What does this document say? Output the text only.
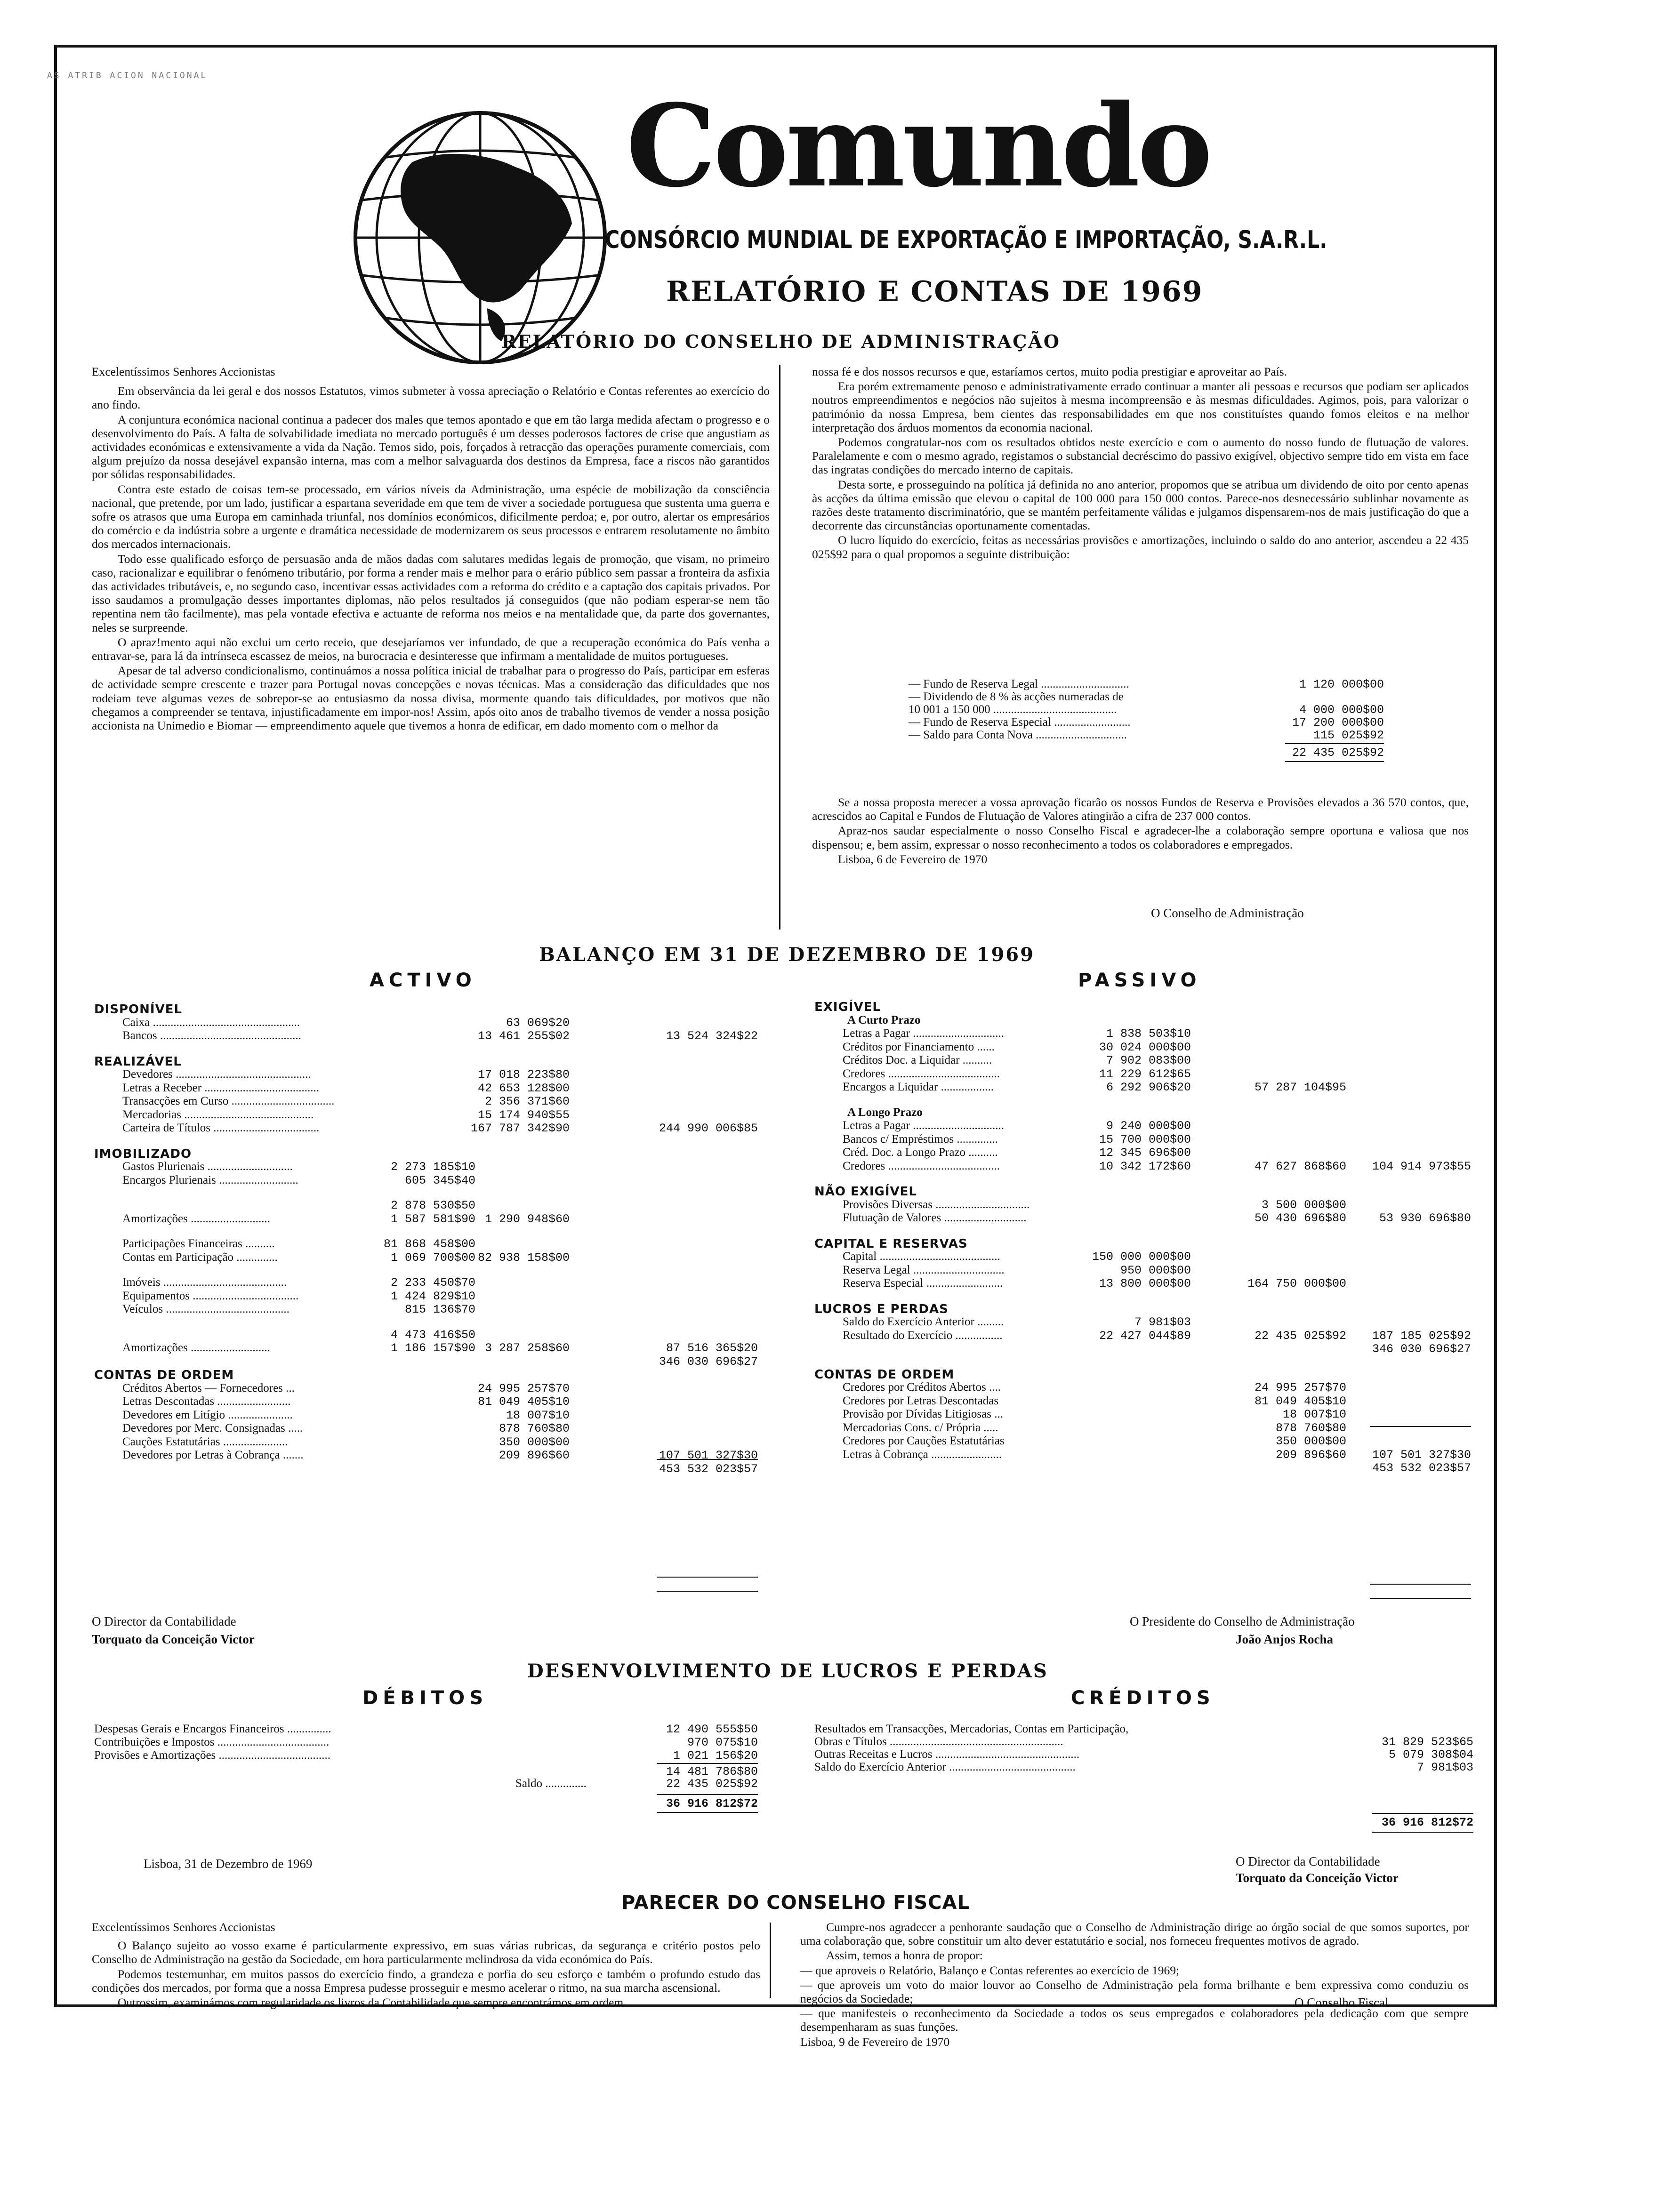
AS ATRIB ACION NACIONAL
Comundo
CONSÓRCIO MUNDIAL DE EXPORTAÇÃO E IMPORTAÇÃO, S.A.R.L.
RELATÓRIO E CONTAS DE 1969
RELATÓRIO DO CONSELHO DE ADMINISTRAÇÃO

Excelentíssimos Senhores Accionistas

Em observância da lei geral e dos nossos Estatutos, vimos submeter à vossa apreciação o Relatório e Contas referentes ao exercício do ano findo.

A conjuntura económica nacional continua a padecer dos males que temos apontado e que em tão larga medida afectam o progresso e o desenvolvimento do País. A falta de solvabilidade imediata no mercado português é um desses poderosos factores de crise que angustiam as actividades económicas e extensivamente a vida da Nação. Temos sido, pois, forçados à retracção das operações puramente comerciais, com algum prejuízo da nossa desejável expansão interna, mas com a melhor salvaguarda dos destinos da Empresa, face a riscos não garantidos por sólidas responsabilidades.

Contra este estado de coisas tem-se processado, em vários níveis da Administração, uma espécie de mobilização da consciência nacional, que pretende, por um lado, justificar a espartana severidade em que tem de viver a sociedade portuguesa que sustenta uma guerra e sofre os atrasos que uma Europa em caminhada triunfal, nos domínios económicos, dificilmente perdoa; e, por outro, alertar os empresários do comércio e da indústria sobre a urgente e dramática necessidade de modernizarem os seus processos e entrarem resolutamente no âmbito dos mercados internacionais.

Todo esse qualificado esforço de persuasão anda de mãos dadas com salutares medidas legais de promoção, que visam, no primeiro caso, racionalizar e equilibrar o fenómeno tributário, por forma a render mais e melhor para o erário público sem passar a fronteira da asfixia das actividades tributáveis, e, no segundo caso, incentivar essas actividades com a reforma do crédito e a captação dos capitais privados. Por isso saudamos a promulgação desses importantes diplomas, não pelos resultados já conseguidos (que não podiam esperar-se nem tão repentina nem tão facilmente), mas pela vontade efectiva e actuante de reforma nos meios e na mentalidade que, da parte dos governantes, neles se surpreende.

O apraz!mento aqui não exclui um certo receio, que desejaríamos ver infundado, de que a recuperação económica do País venha a entravar-se, para lá da intrínseca escassez de meios, na burocracia e desinteresse que infirmam a mentalidade de muitos portugueses.

Apesar de tal adverso condicionalismo, continuámos a nossa política inicial de trabalhar para o progresso do País, participar em esferas de actividade sempre crescente e trazer para Portugal novas concepções e novas técnicas. Mas a consideração das dificuldades que nos rodeiam teve algumas vezes de sobrepor-se ao entusiasmo da nossa divisa, mormente quando tais dificuldades, por motivos que não chegamos a compreender se tentava, injustificadamente em impor-nos! Assim, após oito anos de trabalho tivemos de vender a nossa posição accionista na Unimedio e Biomar — empreendimento aquele que tivemos a honra de edificar, em dado momento com o melhor da

nossa fé e dos nossos recursos e que, estaríamos certos, muito podia prestigiar e aproveitar ao País.

Era porém extremamente penoso e administrativamente errado continuar a manter ali pessoas e recursos que podiam ser aplicados noutros empreendimentos e negócios não sujeitos à mesma incompreensão e às mesmas dificuldades. Agimos, pois, para valorizar o património da nossa Empresa, bem cientes das responsabilidades em que nos constituístes quando fomos eleitos e na melhor interpretação dos árduos momentos da economia nacional.

Podemos congratular-nos com os resultados obtidos neste exercício e com o aumento do nosso fundo de flutuação de valores. Paralelamente e com o mesmo agrado, registamos o substancial decréscimo do passivo exigível, objectivo sempre tido em vista em face das ingratas condições do mercado interno de capitais.

Desta sorte, e prosseguindo na política já definida no ano anterior, propomos que se atribua um dividendo de oito por cento apenas às acções da última emissão que elevou o capital de 100 000 para 150 000 contos. Parece-nos desnecessário sublinhar novamente as razões deste tratamento discriminatório, que se mantém perfeitamente válidas e julgamos dispensarem-nos de mais justificação do que a decorrente das circunstâncias oportunamente comentadas.

O lucro líquido do exercício, feitas as necessárias provisões e amortizações, incluindo o saldo do ano anterior, ascendeu a 22 435 025$92 para o qual propomos a seguinte distribuição:

— Fundo de Reserva Legal ..............................	1 120 000$00
— Dividendo de 8 % às acções numeradas de
10 001 a 150 000 ..........................................	4 000 000$00
— Fundo de Reserva Especial ..........................	17 200 000$00
— Saldo para Conta Nova ...............................	115 025$92
22 435 025$92

Se a nossa proposta merecer a vossa aprovação ficarão os nossos Fundos de Reserva e Provisões elevados a 36 570 contos, que, acrescidos ao Capital e Fundos de Flutuação de Valores atingirão a cifra de 237 000 contos.

Apraz-nos saudar especialmente o nosso Conselho Fiscal e agradecer-lhe a colaboração sempre oportuna e valiosa que nos dispensou; e, bem assim, expressar o nosso reconhecimento a todos os colaboradores e empregados.

Lisboa, 6 de Fevereiro de 1970

O Conselho de Administração
BALANÇO EM 31 DE DEZEMBRO DE 1969
ACTIVO	PASSIVO
DISPONÍVEL
Caixa ..................................................	63 069$20
Bancos ................................................	13 461 255$02	13 524 324$22
REALIZÁVEL
Devedores ..............................................	17 018 223$80
Letras a Receber .......................................	42 653 128$00
Transacções em Curso ...................................	2 356 371$60
Mercadorias ............................................	15 174 940$55
Carteira de Títulos ....................................	167 787 342$90	244 990 006$85
IMOBILIZADO
Gastos Plurienais .............................	2 273 185$10
Encargos Plurienais ...........................	605 345$40
2 878 530$50
Amortizações ...........................	1 587 581$90 1 290 948$60
Participações Financeiras ..........	81 868 458$00
Contas em Participação ..............	1 069 700$00 82 938 158$00
Imóveis ..........................................	2 233 450$70
Equipamentos ....................................	1 424 829$10
Veículos ..........................................	815 136$70
4 473 416$50
Amortizações ...........................	1 186 157$90 3 287 258$60	87 516 365$20
346 030 696$27
CONTAS DE ORDEM
Créditos Abertos — Fornecedores ...	24 995 257$70
Letras Descontadas .........................	81 049 405$10
Devedores em Litígio ......................	18 007$10
Devedores por Merc. Consignadas .....	878 760$80
Cauções Estatutárias ......................	350 000$00
Devedores por Letras à Cobrança .......	209 896$60	107 501 327$30
453 532 023$57
EXIGÍVEL
A Curto Prazo
Letras a Pagar ...............................	1 838 503$10
Créditos por Financiamento ......	30 024 000$00
Créditos Doc. a Liquidar ..........	7 902 083$00
Credores ......................................	11 229 612$65
Encargos a Liquidar ..................	6 292 906$20	57 287 104$95
A Longo Prazo
Letras a Pagar ...............................	9 240 000$00
Bancos c/ Empréstimos ..............	15 700 000$00
Créd. Doc. a Longo Prazo ..........	12 345 696$00
Credores ......................................	10 342 172$60	47 627 868$60	104 914 973$55
NÃO EXIGÍVEL
Provisões Diversas ................................	3 500 000$00
Flutuação de Valores ............................	50 430 696$80	53 930 696$80
CAPITAL E RESERVAS
Capital .........................................	150 000 000$00
Reserva Legal ...............................	950 000$00
Reserva Especial ..........................	13 800 000$00	164 750 000$00
LUCROS E PERDAS
Saldo do Exercício Anterior .........	7 981$03
Resultado do Exercício ................	22 427 044$89	22 435 025$92	187 185 025$92
346 030 696$27
CONTAS DE ORDEM
Credores por Créditos Abertos ....	24 995 257$70
Credores por Letras Descontadas	81 049 405$10
Provisão por Dívidas Litigiosas ...	18 007$10
Mercadorias Cons. c/ Própria .....	878 760$80
Credores por Cauções Estatutárias	350 000$00
Letras à Cobrança ........................	209 896$60	107 501 327$30
453 532 023$57
O Director da Contabilidade
Torquato da Conceição Victor
O Presidente do Conselho de Administração
João Anjos Rocha
DESENVOLVIMENTO DE LUCROS E PERDAS
DÉBITOS	CRÉDITOS
Despesas Gerais e Encargos Financeiros ...............	12 490 555$50
Contribuições e Impostos ......................................	970 075$10
Provisões e Amortizações ......................................	1 021 156$20
14 481 786$80
Saldo ..............	22 435 025$92
36 916 812$72
Resultados em Transacções, Mercadorias, Contas em Participação,
Obras e Títulos ...........................................................	31 829 523$65
Outras Receitas e Lucros .................................................	5 079 308$04
Saldo do Exercício Anterior ...........................................	7 981$03
36 916 812$72
Lisboa, 31 de Dezembro de 1969	O Director da Contabilidade
Torquato da Conceição Victor
PARECER DO CONSELHO FISCAL

Excelentíssimos Senhores Accionistas

O Balanço sujeito ao vosso exame é particularmente expressivo, em suas várias rubricas, da segurança e critério postos pelo Conselho de Administração na gestão da Sociedade, em hora particularmente melindrosa da vida económica do País.

Podemos testemunhar, em muitos passos do exercício findo, a grandeza e porfia do seu esforço e também o profundo estudo das condições dos mercados, por forma que a nossa Empresa pudesse prosseguir e mesmo acelerar o ritmo, na sua marcha ascensional.

Outrossim, examinámos com regularidade os livros da Contabilidade que sempre encontrámos em ordem

Cumpre-nos agradecer a penhorante saudação que o Conselho de Administração dirige ao órgão social de que somos suportes, por uma colaboração que, sobre constituir um alto dever estatutário e social, nos forneceu frequentes motivos de agrado.

Assim, temos a honra de propor:

— que aproveis o Relatório, Balanço e Contas referentes ao exercício de 1969;

— que aproveis um voto do maior louvor ao Conselho de Administração pela forma brilhante e bem expressiva como conduziu os negócios da Sociedade;

— que manifesteis o reconhecimento da Sociedade a todos os seus empregados e colaboradores pela dedicação com que sempre desempenharam as suas funções.

Lisboa, 9 de Fevereiro de 1970

O Conselho Fiscal
